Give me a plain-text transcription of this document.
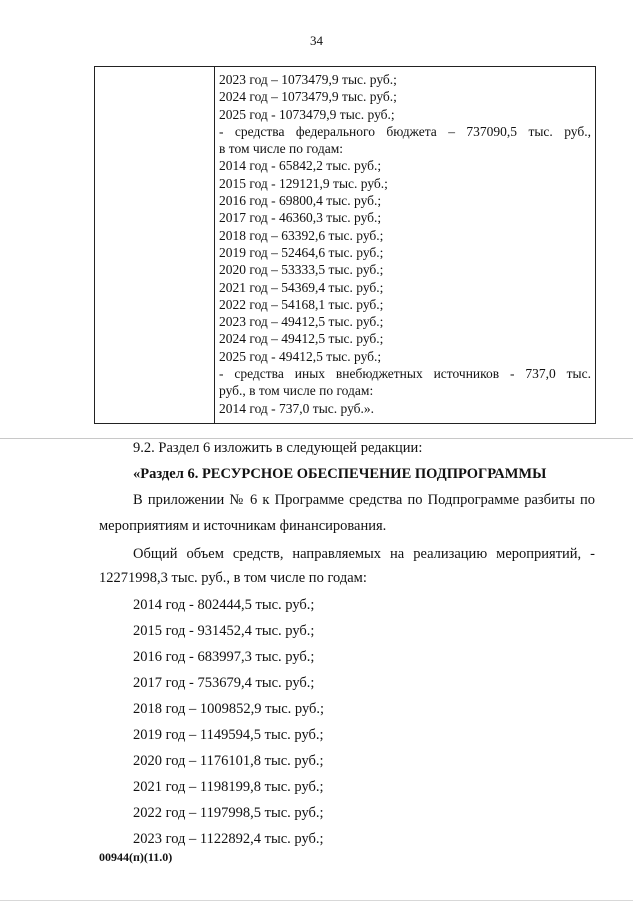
34
2023 год – 1073479,9 тыс. руб.;
2024 год – 1073479,9 тыс. руб.;
2025 год - 1073479,9 тыс. руб.;
- средства федерального бюджета – 737090,5 тыс. руб.,
в том числе по годам:
2014 год - 65842,2 тыс. руб.;
2015 год - 129121,9 тыс. руб.;
2016 год - 69800,4 тыс. руб.;
2017 год - 46360,3 тыс. руб.;
2018 год – 63392,6 тыс. руб.;
2019 год – 52464,6 тыс. руб.;
2020 год – 53333,5 тыс. руб.;
2021 год – 54369,4 тыс. руб.;
2022 год – 54168,1 тыс. руб.;
2023 год – 49412,5 тыс. руб.;
2024 год – 49412,5 тыс. руб.;
2025 год - 49412,5 тыс. руб.;
- средства иных внебюджетных источников - 737,0 тыс.
руб., в том числе по годам:
2014 год - 737,0 тыс. руб.».
9.2. Раздел 6 изложить в следующей редакции:
«Раздел 6. РЕСУРСНОЕ ОБЕСПЕЧЕНИЕ ПОДПРОГРАММЫ
В приложении № 6 к Программе средства по Подпрограмме разбиты по
мероприятиям и источникам финансирования.
Общий объем средств, направляемых на реализацию мероприятий, -
12271998,3 тыс. руб., в том числе по годам:
2014 год - 802444,5 тыс. руб.;
2015 год - 931452,4 тыс. руб.;
2016 год - 683997,3 тыс. руб.;
2017 год - 753679,4 тыс. руб.;
2018 год – 1009852,9 тыс. руб.;
2019 год – 1149594,5 тыс. руб.;
2020 год – 1176101,8 тыс. руб.;
2021 год – 1198199,8 тыс. руб.;
2022 год – 1197998,5 тыс. руб.;
2023 год – 1122892,4 тыс. руб.;
00944(п)(11.0)
